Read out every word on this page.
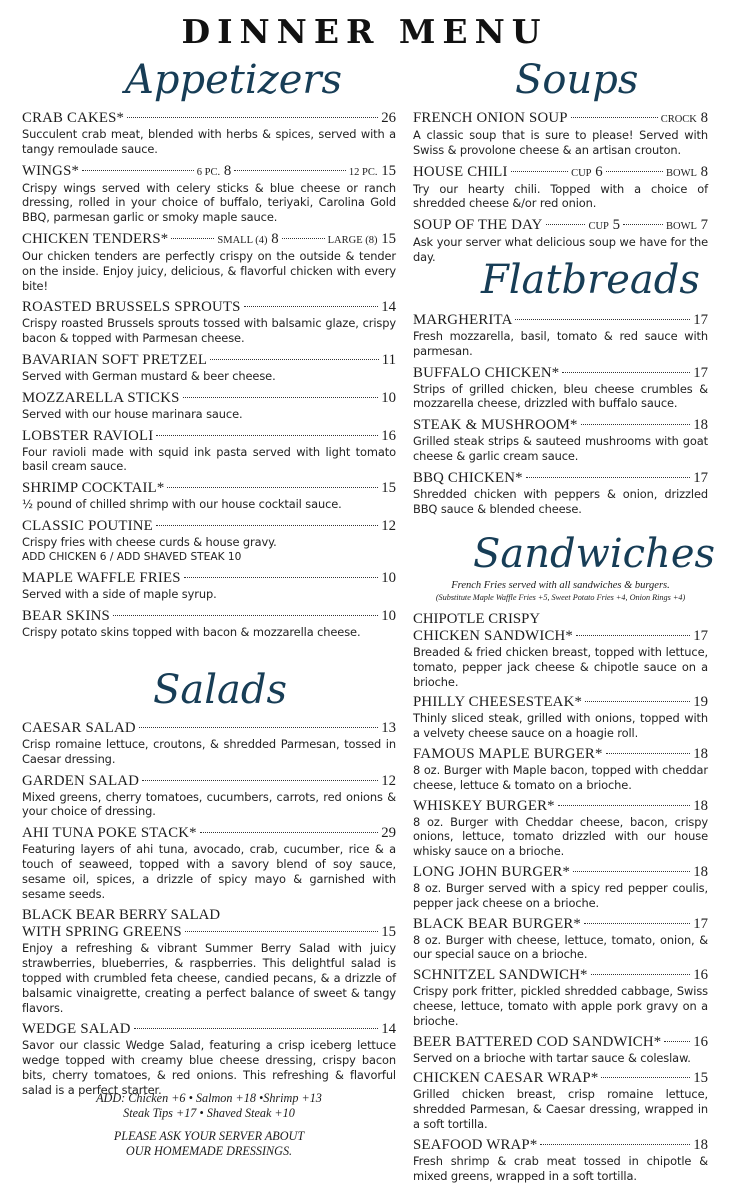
DINNER MENU
Appetizers
CRAB CAKES*	26
Succulent crab meat, blended with herbs & spices, served with a tangy remoulade sauce.
WINGS*	6 PC. 8	12 PC. 15
Crispy wings served with celery sticks & blue cheese or ranch dressing, rolled in your choice of buffalo, teriyaki, Carolina Gold BBQ, parmesan garlic or smoky maple sauce.
CHICKEN TENDERS*	SMALL (4) 8	LARGE (8) 15
Our chicken tenders are perfectly crispy on the outside & tender on the inside. Enjoy juicy, delicious, & flavorful chicken with every bite!
ROASTED BRUSSELS SPROUTS	14
Crispy roasted Brussels sprouts tossed with balsamic glaze, crispy bacon & topped with Parmesan cheese.
BAVARIAN SOFT PRETZEL	11
Served with German mustard & beer cheese.
MOZZARELLA STICKS	10
Served with our house marinara sauce.
LOBSTER RAVIOLI	16
Four ravioli made with squid ink pasta served with light tomato basil cream sauce.
SHRIMP COCKTAIL*	15
½ pound of chilled shrimp with our house cocktail sauce.
CLASSIC POUTINE	12
Crispy fries with cheese curds & house gravy.
ADD CHICKEN 6 / ADD SHAVED STEAK 10
MAPLE WAFFLE FRIES	10
Served with a side of maple syrup.
BEAR SKINS	10
Crispy potato skins topped with bacon & mozzarella cheese.
Salads
CAESAR SALAD	13
Crisp romaine lettuce, croutons, & shredded Parmesan, tossed in Caesar dressing.
GARDEN SALAD	12
Mixed greens, cherry tomatoes, cucumbers, carrots, red onions & your choice of dressing.
AHI TUNA POKE STACK*	29
Featuring layers of ahi tuna, avocado, crab, cucumber, rice & a touch of seaweed, topped with a savory blend of soy sauce, sesame oil, spices, a drizzle of spicy mayo & garnished with sesame seeds.
BLACK BEAR BERRY SALAD
WITH SPRING GREENS	15
Enjoy a refreshing & vibrant Summer Berry Salad with juicy strawberries, blueberries, & raspberries. This delightful salad is topped with crumbled feta cheese, candied pecans, & a drizzle of balsamic vinaigrette, creating a perfect balance of sweet & tangy flavors.
WEDGE SALAD	14
Savor our classic Wedge Salad, featuring a crisp iceberg lettuce wedge topped with creamy blue cheese dressing, crispy bacon bits, cherry tomatoes, & red onions. This refreshing & flavorful salad is a perfect starter.
ADD: Chicken +6 • Salmon +18 •Shrimp +13
Steak Tips +17 • Shaved Steak +10
PLEASE ASK YOUR SERVER ABOUT
OUR HOMEMADE DRESSINGS.
Soups
FRENCH ONION SOUP	CROCK 8
A classic soup that is sure to please! Served with Swiss & provolone cheese & an artisan crouton.
HOUSE CHILI	CUP 6	BOWL 8
Try our hearty chili. Topped with a choice of shredded cheese &/or red onion.
SOUP OF THE DAY	CUP 5	BOWL 7
Ask your server what delicious soup we have for the day.
Flatbreads
MARGHERITA	17
Fresh mozzarella, basil, tomato & red sauce with parmesan.
BUFFALO CHICKEN*	17
Strips of grilled chicken, bleu cheese crumbles & mozzarella cheese, drizzled with buffalo sauce.
STEAK & MUSHROOM*	18
Grilled steak strips & sauteed mushrooms with goat cheese & garlic cream sauce.
BBQ CHICKEN*	17
Shredded chicken with peppers & onion, drizzled BBQ sauce & blended cheese.
Sandwiches
French Fries served with all sandwiches & burgers.
(Substitute Maple Waffle Fries +5, Sweet Potato Fries +4, Onion Rings +4)
CHIPOTLE CRISPY
CHICKEN SANDWICH*	17
Breaded & fried chicken breast, topped with lettuce, tomato, pepper jack cheese & chipotle sauce on a brioche.
PHILLY CHEESESTEAK*	19
Thinly sliced steak, grilled with onions, topped with a velvety cheese sauce on a hoagie roll.
FAMOUS MAPLE BURGER*	18
8 oz. Burger with Maple bacon, topped with cheddar cheese, lettuce & tomato on a brioche.
WHISKEY BURGER*	18
8 oz. Burger with Cheddar cheese, bacon, crispy onions, lettuce, tomato drizzled with our house whisky sauce on a brioche.
LONG JOHN BURGER*	18
8 oz. Burger served with a spicy red pepper coulis, pepper jack cheese on a brioche.
BLACK BEAR BURGER*	17
8 oz. Burger with cheese, lettuce, tomato, onion, & our special sauce on a brioche.
SCHNITZEL SANDWICH*	16
Crispy pork fritter, pickled shredded cabbage, Swiss cheese, lettuce, tomato with apple pork gravy on a brioche.
BEER BATTERED COD SANDWICH* 16
Served on a brioche with tartar sauce & coleslaw.
CHICKEN CAESAR WRAP*	15
Grilled chicken breast, crisp romaine lettuce, shredded Parmesan, & Caesar dressing, wrapped in a soft tortilla.
SEAFOOD WRAP*	18
Fresh shrimp & crab meat tossed in chipotle & mixed greens, wrapped in a soft tortilla.
